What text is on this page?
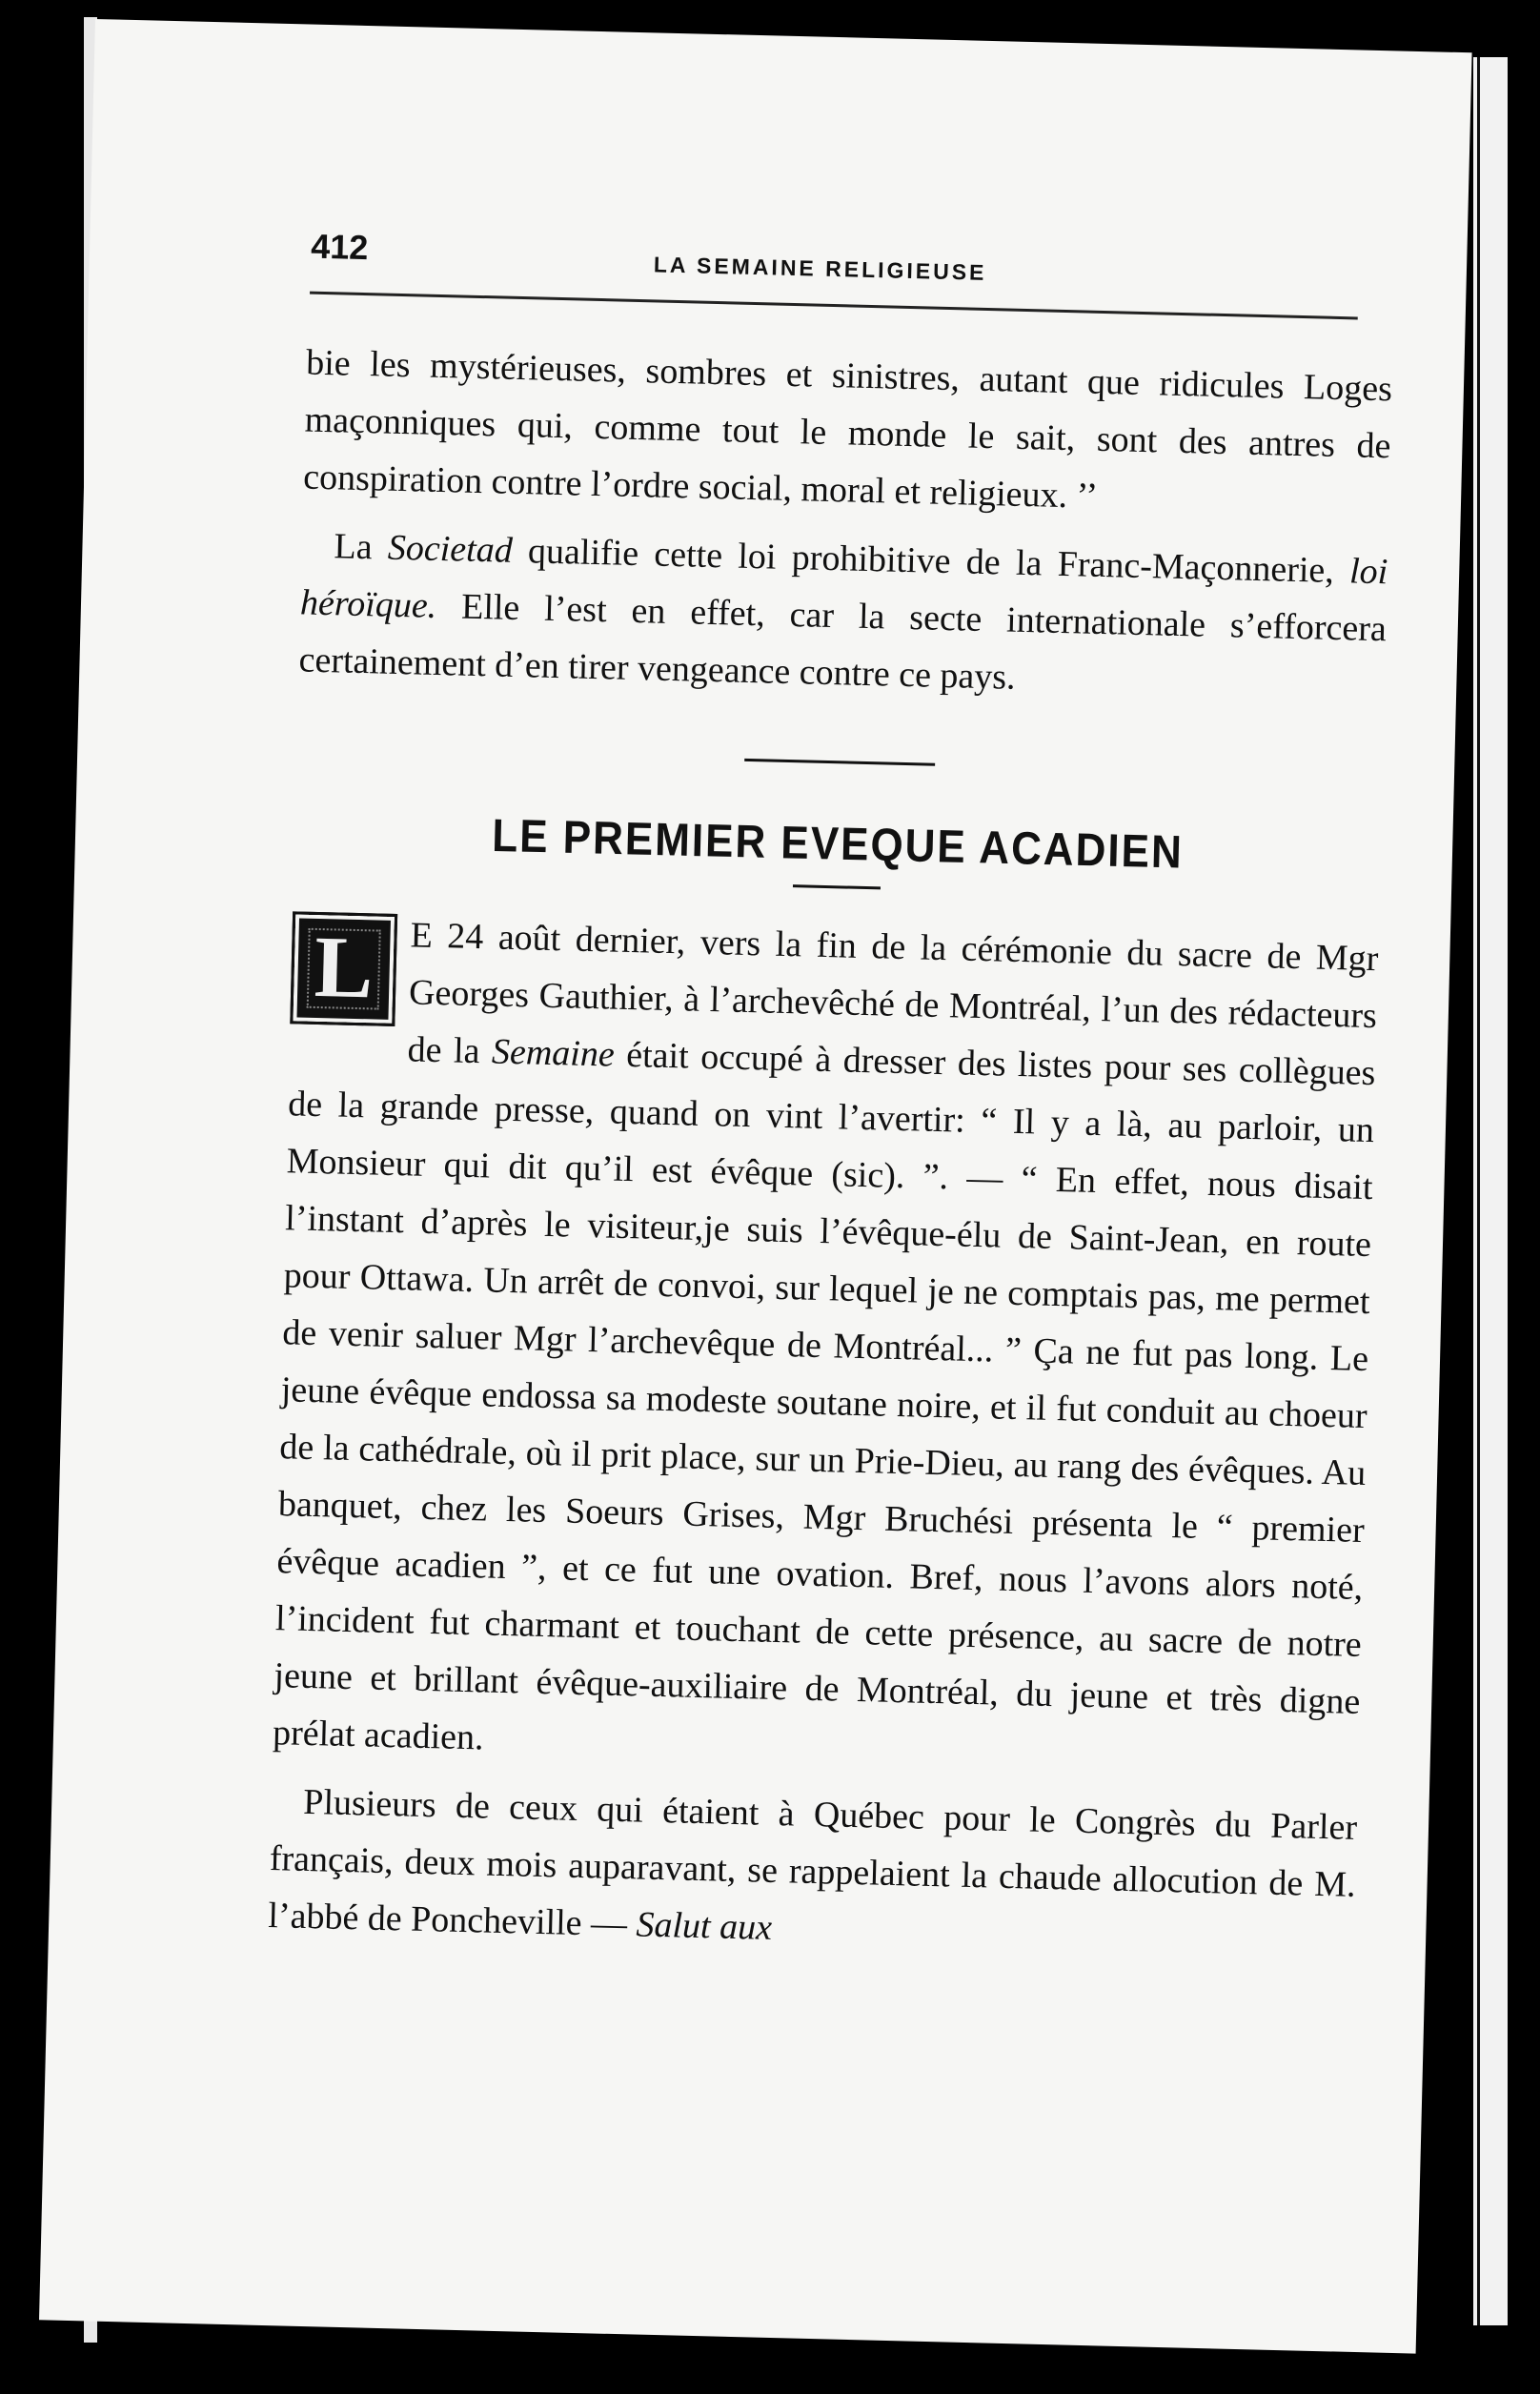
412
LA SEMAINE RELIGIEUSE

bie les mystérieuses, sombres et sinistres, autant que ridicules Loges maçonniques qui, comme tout le monde le sait, sont des antres de conspiration contre l’ordre social, moral et religieux. ’’

La Societad qualifie cette loi prohibitive de la Franc-Maçonnerie, loi héroïque. Elle l’est en effet, car la secte internationale s’efforcera certainement d’en tirer vengeance contre ce pays.

LE PREMIER EVEQUE ACADIEN

L E 24 août dernier, vers la fin de la cérémonie du sacre de Mgr Georges Gauthier, à l’archevêché de Montréal, l’un des rédacteurs de la Semaine était occupé à dresser des listes pour ses collègues de la grande presse, quand on vint l’avertir: “ Il y a là, au parloir, un Monsieur qui dit qu’il est évêque (sic). ”. — “ En effet, nous disait l’instant d’après le visiteur,je suis l’évêque-élu de Saint-Jean, en route pour Ottawa. Un arrêt de convoi, sur lequel je ne comptais pas, me permet de venir saluer Mgr l’archevêque de Montréal... ” Ça ne fut pas long. Le jeune évêque endossa sa modeste soutane noire, et il fut conduit au choeur de la cathédrale, où il prit place, sur un Prie-Dieu, au rang des évêques. Au banquet, chez les Soeurs Grises, Mgr Bruchési présenta le “ premier évêque acadien ”, et ce fut une ovation. Bref, nous l’avons alors noté, l’incident fut charmant et touchant de cette présence, au sacre de notre jeune et brillant évêque-auxiliaire de Montréal, du jeune et très digne prélat acadien.

Plusieurs de ceux qui étaient à Québec pour le Congrès du Parler français, deux mois auparavant, se rappelaient la chaude allocution de M. l’abbé de Poncheville — Salut aux
